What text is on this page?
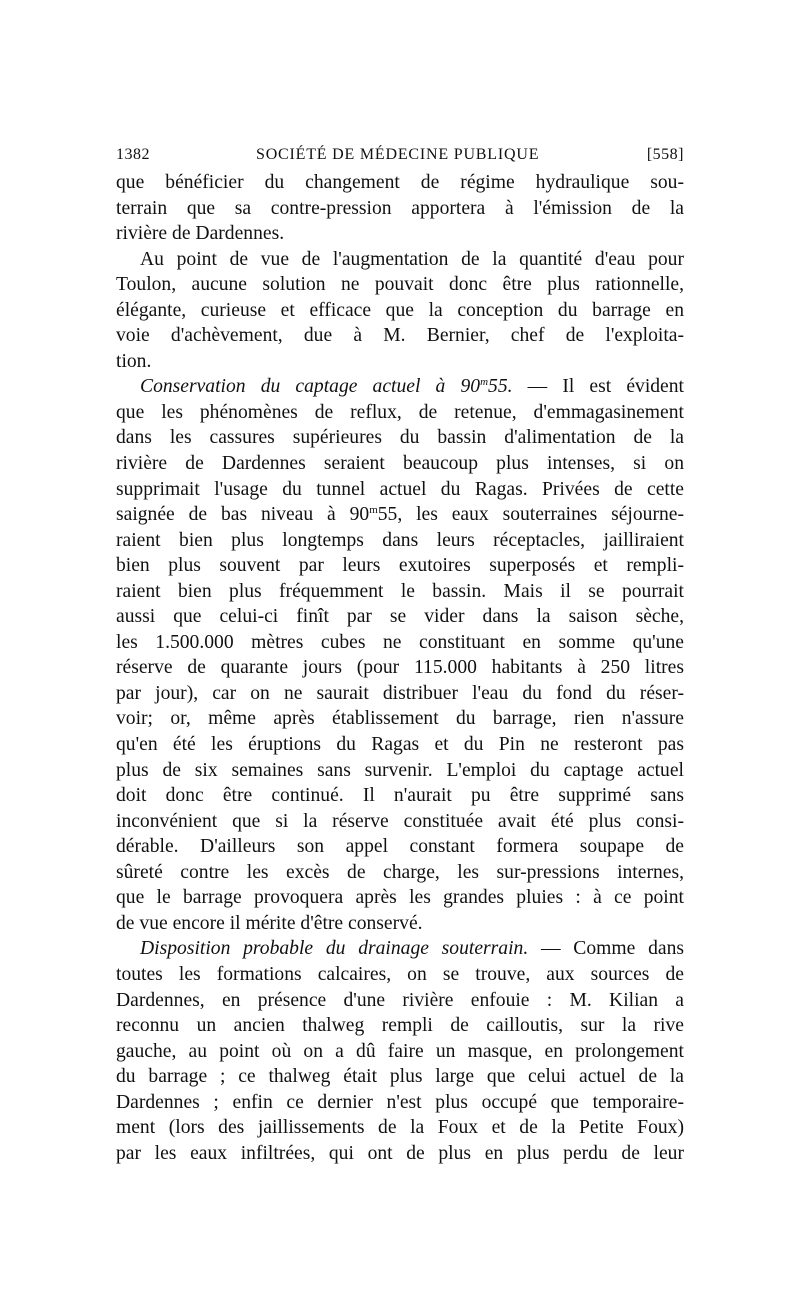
1382	SOCIÉTÉ DE MÉDECINE PUBLIQUE	[558]
que bénéficier du changement de régime hydraulique sou-
terrain que sa contre-pression apportera à l'émission de la
rivière de Dardennes.
Au point de vue de l'augmentation de la quantité d'eau pour
Toulon, aucune solution ne pouvait donc être plus rationnelle,
élégante, curieuse et efficace que la conception du barrage en
voie d'achèvement, due à M. Bernier, chef de l'exploita-
tion.
Conservation du captage actuel à 90$^m$55. — Il est évident
que les phénomènes de reflux, de retenue, d'emmagasinement
dans les cassures supérieures du bassin d'alimentation de la
rivière de Dardennes seraient beaucoup plus intenses, si on
supprimait l'usage du tunnel actuel du Ragas. Privées de cette
saignée de bas niveau à 90$^m$55, les eaux souterraines séjourne-
raient bien plus longtemps dans leurs réceptacles, jailliraient
bien plus souvent par leurs exutoires superposés et rempli-
raient bien plus fréquemment le bassin. Mais il se pourrait
aussi que celui-ci finît par se vider dans la saison sèche,
les 1.500.000 mètres cubes ne constituant en somme qu'une
réserve de quarante jours (pour 115.000 habitants à 250 litres
par jour), car on ne saurait distribuer l'eau du fond du réser-
voir; or, même après établissement du barrage, rien n'assure
qu'en été les éruptions du Ragas et du Pin ne resteront pas
plus de six semaines sans survenir. L'emploi du captage actuel
doit donc être continué. Il n'aurait pu être supprimé sans
inconvénient que si la réserve constituée avait été plus consi-
dérable. D'ailleurs son appel constant formera soupape de
sûreté contre les excès de charge, les sur-pressions internes,
que le barrage provoquera après les grandes pluies : à ce point
de vue encore il mérite d'être conservé.
Disposition probable du drainage souterrain. — Comme dans
toutes les formations calcaires, on se trouve, aux sources de
Dardennes, en présence d'une rivière enfouie : M. Kilian a
reconnu un ancien thalweg rempli de cailloutis, sur la rive
gauche, au point où on a dû faire un masque, en prolongement
du barrage ; ce thalweg était plus large que celui actuel de la
Dardennes ; enfin ce dernier n'est plus occupé que temporaire-
ment (lors des jaillissements de la Foux et de la Petite Foux)
par les eaux infiltrées, qui ont de plus en plus perdu de leur
